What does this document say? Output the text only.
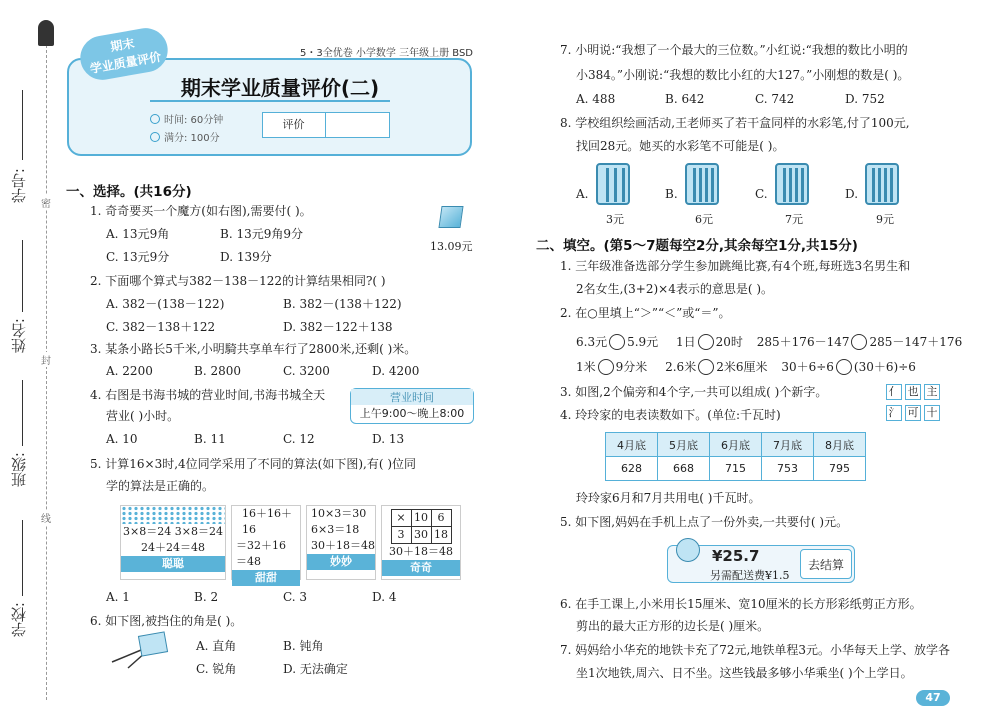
密
封
线
学号:
姓名:
班级:
学校:
期末
学业质量评价	5・3全优卷 小学数学 三年级上册 BSD
期末学业质量评价(二)
时间: 60分钟
满分: 100分
评价
一、选择。(共16分)
1. 奇奇要买一个魔方(如右图),需要付( )。
A. 13元9角	B. 13元9角9分
C. 13元9分	D. 139分
13.09元
2. 下面哪个算式与382－138－122的计算结果相同?( )
A. 382－(138－122)	B. 382－(138＋122)
C. 382－138＋122	D. 382－122＋138
3. 某条小路长5千米,小明騎共享单车行了2800米,还剩( )米。
A. 2200	B. 2800	C. 3200	D. 4200
4. 右图是书海书城的营业时间,书海书城全天
营业( )小时。
营业时间
上午9:00～晚上8:00
A. 10	B. 11	C. 12	D. 13
5. 计算16×3时,4位同学采用了不同的算法(如下图),有( )位同
学的算法是正确的。
3×8＝24 3×8＝24
24＋24＝48
聪聪
16＋16＋16
＝32＋16
＝48
甜甜
10×3＝30
6×3＝18
30＋18＝48
妙妙
×	10	6
3	30	18
30＋18＝48
奇奇
A. 1	B. 2	C. 3	D. 4
6. 如下图,被挡住的角是( )。
A. 直角	B. 钝角
C. 锐角	D. 无法确定
7. 小明说:“我想了一个最大的三位数。”小红说:“我想的数比小明的
小384。”小刚说:“我想的数比小红的大127。”小刚想的数是( )。
A. 488	B. 642	C. 742	D. 752
8. 学校组织绘画活动,王老师买了若干盒同样的水彩笔,付了100元,
找回28元。她买的水彩笔不可能是( )。
A.
3元
B.
6元
C.
7元
D.
9元
二、填空。(第5～7题每空2分,其余每空1分,共15分)
1. 三年级准备选部分学生参加跳绳比赛,有4个班,每班选3名男生和
2名女生,(3+2)×4表示的意思是( )。
2. 在○里填上“＞”“＜”或“＝”。
6.3元 5.9元 1日 20时 285＋176－147 285－147＋176
1米 9分米 2.6米 2米6厘米 30＋6÷6 (30＋6)÷6
3. 如图,2个偏旁和4个字,一共可以组成( )个新字。	亻 也 主
氵 可 十
4. 玲玲家的电表读数如下。(单位:千瓦时)
4月底	5月底	6月底	7月底	8月底
628	668	715	753	795
玲玲家6月和7月共用电( )千瓦时。
5. 如下图,妈妈在手机上点了一份外卖,一共要付( )元。
¥25.7
另需配送费¥1.5
去结算
6. 在手工课上,小米用长15厘米、宽10厘米的长方形彩纸剪正方形。
剪出的最大正方形的边长是( )厘米。
7. 妈妈给小华充的地铁卡充了72元,地铁单程3元。小华每天上学、放学各
坐1次地铁,周六、日不坐。这些钱最多够小华乘坐( )个上学日。
47
